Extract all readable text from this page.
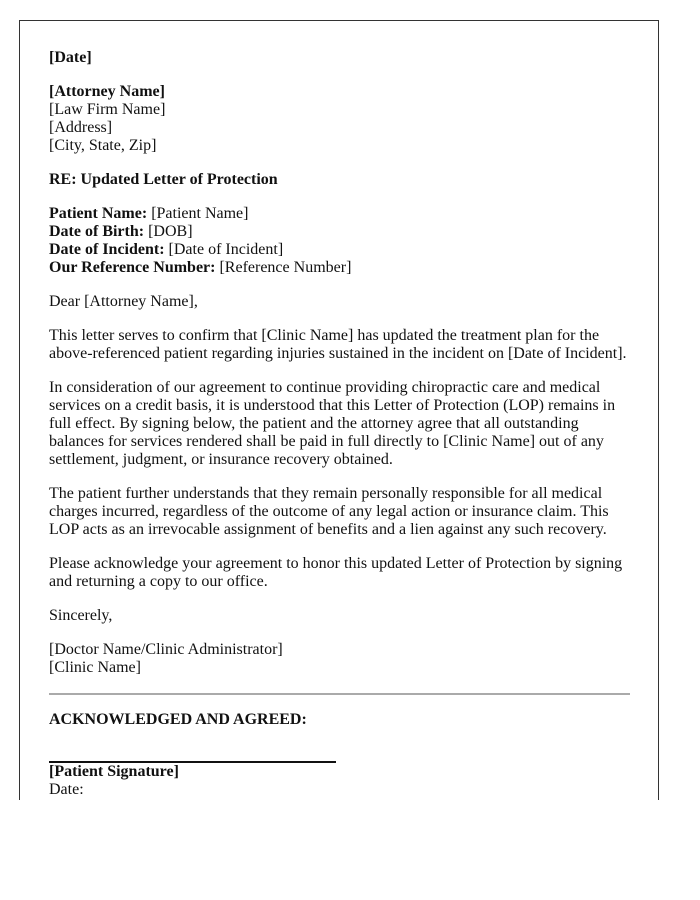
[Date]

[Attorney Name]
[Law Firm Name]
[Address]
[City, State, Zip]

RE: Updated Letter of Protection

Patient Name: [Patient Name]
Date of Birth: [DOB]
Date of Incident: [Date of Incident]
Our Reference Number: [Reference Number]

Dear [Attorney Name],

This letter serves to confirm that [Clinic Name] has updated the treatment plan for the above-referenced patient regarding injuries sustained in the incident on [Date of Incident].

In consideration of our agreement to continue providing chiropractic care and medical services on a credit basis, it is understood that this Letter of Protection (LOP) remains in full effect. By signing below, the patient and the attorney agree that all outstanding balances for services rendered shall be paid in full directly to [Clinic Name] out of any settlement, judgment, or insurance recovery obtained.

The patient further understands that they remain personally responsible for all medical charges incurred, regardless of the outcome of any legal action or insurance claim. This LOP acts as an irrevocable assignment of benefits and a lien against any such recovery.

Please acknowledge your agreement to honor this updated Letter of Protection by signing and returning a copy to our office.

Sincerely,

[Doctor Name/Clinic Administrator]
[Clinic Name]

ACKNOWLEDGED AND AGREED:
[Patient Signature]
Date:
